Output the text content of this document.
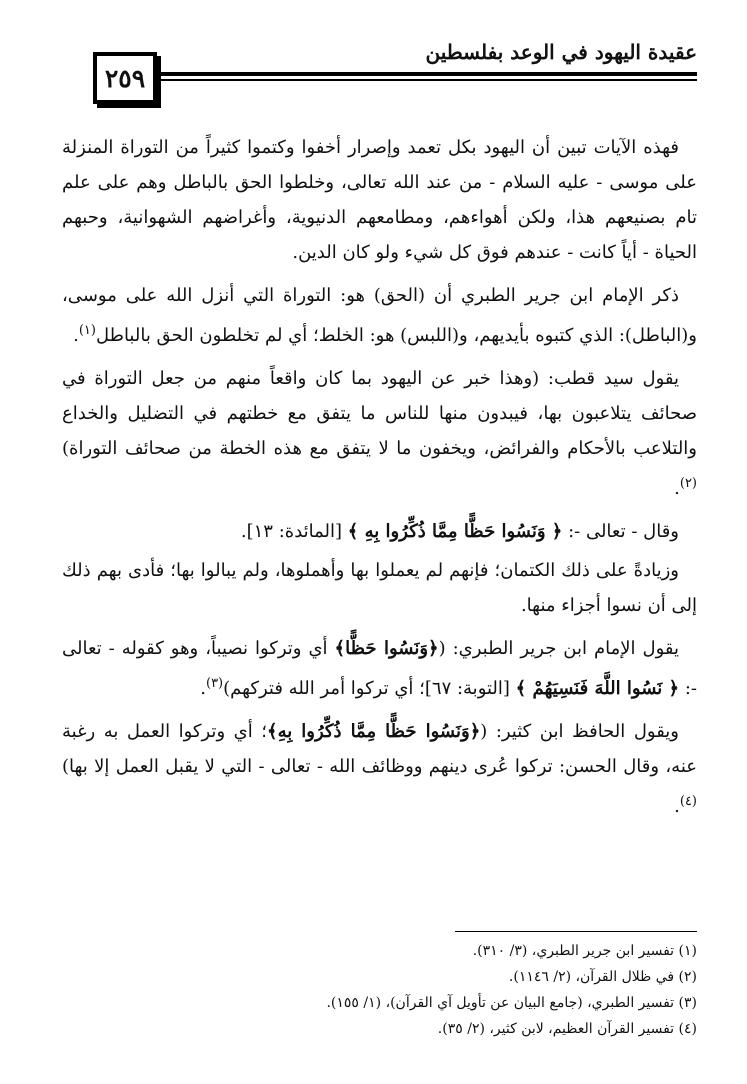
٢٥٩
عقيدة اليهود في الوعد بفلسطين

فهذه الآيات تبين أن اليهود بكل تعمد وإصرار أخفوا وكتموا كثيراً من التوراة المنزلة على موسى - عليه السلام - من عند الله تعالى، وخلطوا الحق بالباطل وهم على علم تام بصنيعهم هذا، ولكن أهواءهم، ومطامعهم الدنيوية، وأغراضهم الشهوانية، وحبهم الحياة - أياً كانت - عندهم فوق كل شيء ولو كان الدين.

ذكر الإمام ابن جرير الطبري أن (الحق) هو: التوراة التي أنزل الله على موسى، و(الباطل): الذي كتبوه بأيديهم، و(اللبس) هو: الخلط؛ أي لم تخلطون الحق بالباطل$^{(١)}$.

يقول سيد قطب: (وهذا خبر عن اليهود بما كان واقعاً منهم من جعل التوراة في صحائف يتلاعبون بها، فيبدون منها للناس ما يتفق مع خطتهم في التضليل والخداع والتلاعب بالأحكام والفرائض، ويخفون ما لا يتفق مع هذه الخطة من صحائف التوراة)$^{(٢)}$.

وقال - تعالى -: ﴿ وَنَسُوا حَظًّا مِمَّا ذُكِّرُوا بِهِ ﴾ [المائدة: ١٣].

وزيادةً على ذلك الكتمان؛ فإنهم لم يعملوا بها وأهملوها، ولم يبالوا بها؛ فأدى بهم ذلك إلى أن نسوا أجزاء منها.

يقول الإمام ابن جرير الطبري: (﴿وَنَسُوا حَظًّا﴾ أي وتركوا نصيباً، وهو كقوله - تعالى -: ﴿ نَسُوا اللَّهَ فَنَسِيَهُمْ ﴾ [التوبة: ٦٧]؛ أي تركوا أمر الله فتركهم)$^{(٣)}$.

ويقول الحافظ ابن كثير: (﴿وَنَسُوا حَظًّا مِمَّا ذُكِّرُوا بِهِ﴾؛ أي وتركوا العمل به رغبة عنه، وقال الحسن: تركوا عُرى دينهم ووظائف الله - تعالى - التي لا يقبل العمل إلا بها)$^{(٤)}$.

(١) تفسير ابن جرير الطبري، (٣/ ٣١٠).
(٢) في ظلال القرآن، (٢/ ١١٤٦).
(٣) تفسير الطبري، (جامع البيان عن تأويل آي القرآن)، (١/ ١٥٥).
(٤) تفسير القرآن العظيم، لابن كثير، (٢/ ٣٥).
